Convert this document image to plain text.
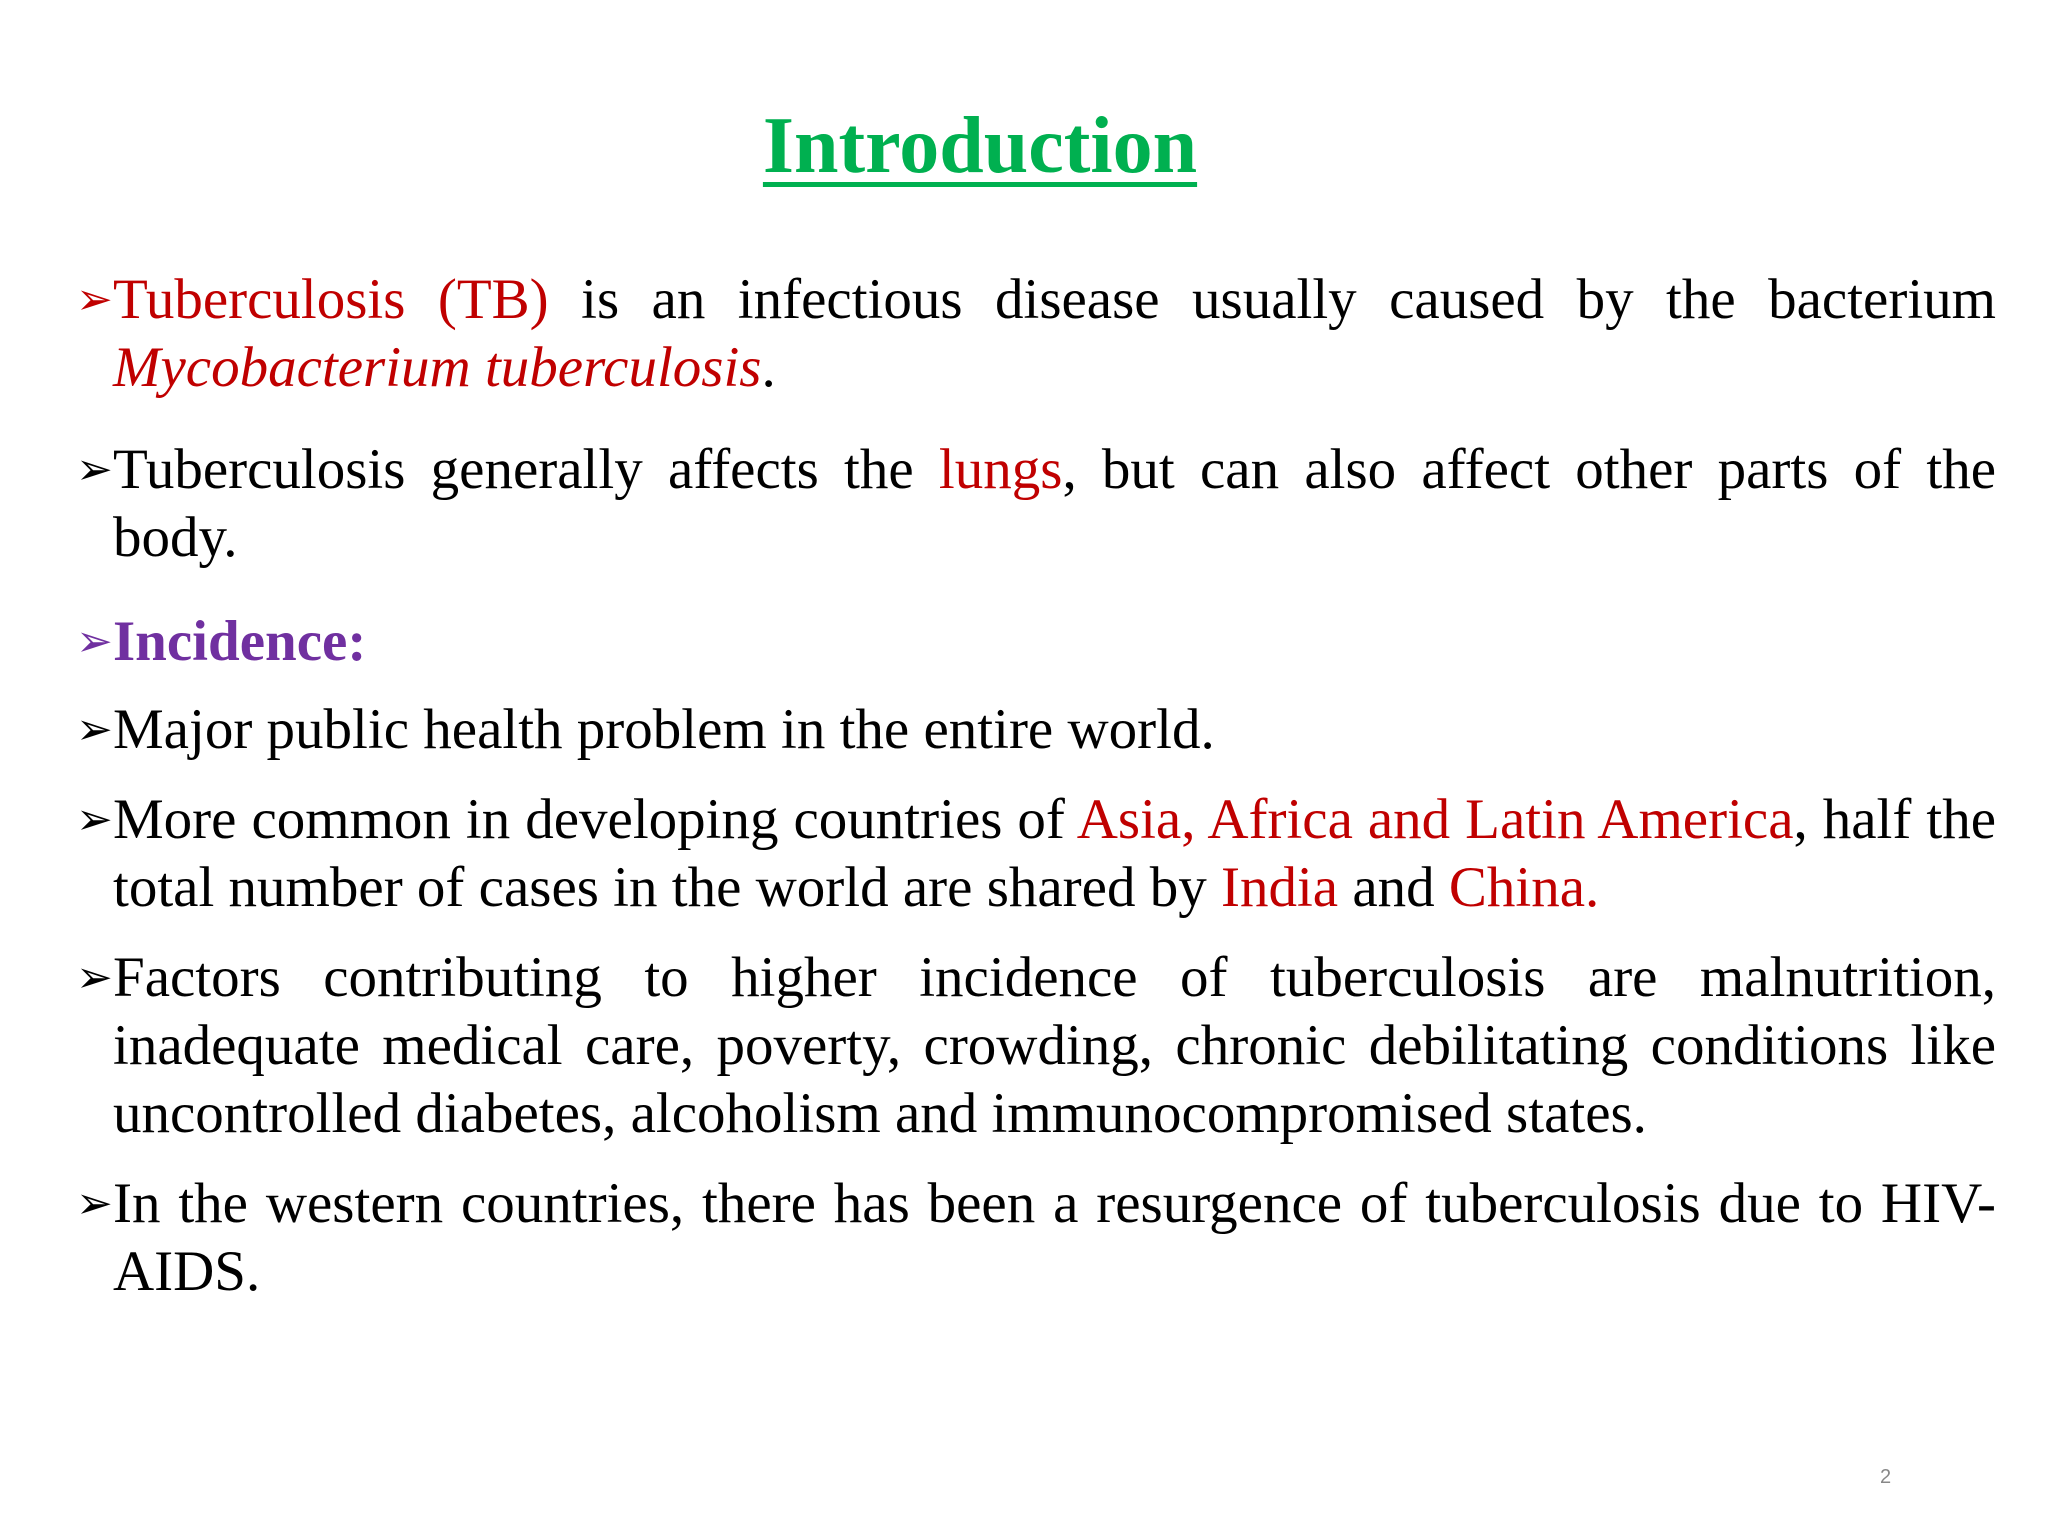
Introduction

➢ Tuberculosis (TB) is an infectious disease usually caused by the bacterium Mycobacterium tuberculosis.

➢ Tuberculosis generally affects the lungs, but can also affect other parts of the body.

➢ Incidence:

➢ Major public health problem in the entire world.

➢ More common in developing countries of Asia, Africa and Latin America, half the total number of cases in the world are shared by India and China.

➢ Factors contributing to higher incidence of tuberculosis are malnutrition, inadequate medical care, poverty, crowding, chronic debilitating conditions like uncontrolled diabetes, alcoholism and immunocompromised states.

➢ In the western countries, there has been a resurgence of tuberculosis due to HIV-AIDS.

2
